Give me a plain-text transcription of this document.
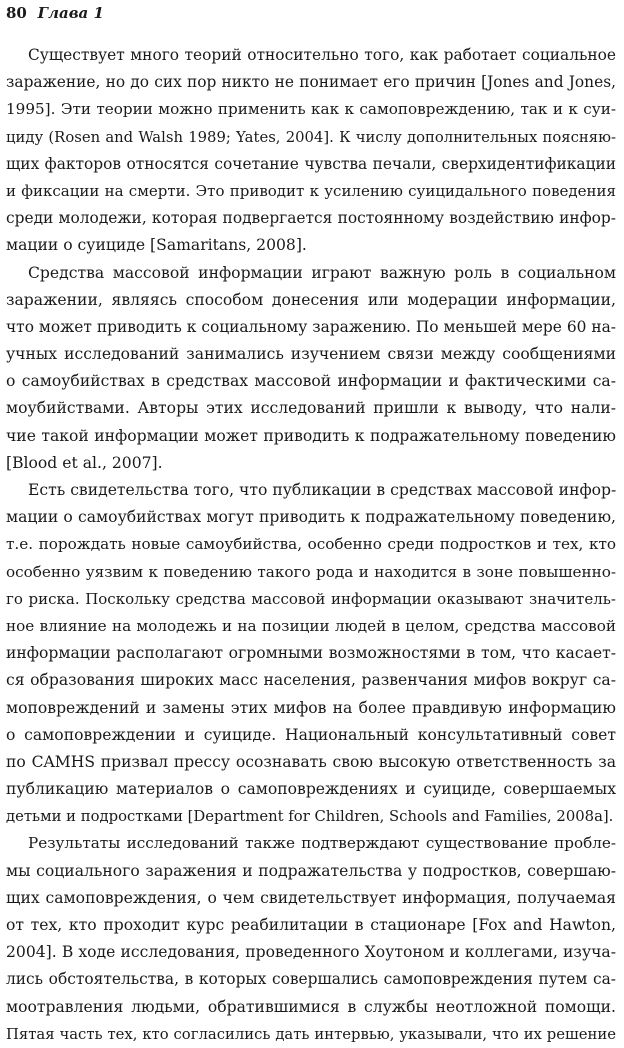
80 Глава 1
Существует много теорий относительно того, как работает социальное
заражение, но до сих пор никто не понимает его причин [Jones and Jones,
1995]. Эти теории можно применить как к самоповреждению, так и к суи-
циду (Rosen and Walsh 1989; Yates, 2004]. К числу дополнительных поясняю-
щих факторов относятся сочетание чувства печали, сверхидентификации
и фиксации на смерти. Это приводит к усилению суицидального поведения
среди молодежи, которая подвергается постоянному воздействию инфор-
мации о суициде [Samaritans, 2008].
Средства массовой информации играют важную роль в социальном
заражении, являясь способом донесения или модерации информации,
что может приводить к социальному заражению. По меньшей мере 60 на-
учных исследований занимались изучением связи между сообщениями
о самоубийствах в средствах массовой информации и фактическими са-
моубийствами. Авторы этих исследований пришли к выводу, что нали-
чие такой информации может приводить к подражательному поведению
[Blood et al., 2007].
Есть свидетельства того, что публикации в средствах массовой инфор-
мации о самоубийствах могут приводить к подражательному поведению,
т.е. порождать новые самоубийства, особенно среди подростков и тех, кто
особенно уязвим к поведению такого рода и находится в зоне повышенно-
го риска. Поскольку средства массовой информации оказывают значитель-
ное влияние на молодежь и на позиции людей в целом, средства массовой
информации располагают огромными возможностями в том, что касает-
ся образования широких масс населения, развенчания мифов вокруг са-
моповреждений и замены этих мифов на более правдивую информацию
о самоповреждении и суициде. Национальный консультативный совет
по CAMHS призвал прессу осознавать свою высокую ответственность за
публикацию материалов о самоповреждениях и суициде, совершаемых
детьми и подростками [Department for Children, Schools and Families, 2008a].
Результаты исследований также подтверждают существование пробле-
мы социального заражения и подражательства у подростков, совершаю-
щих самоповреждения, о чем свидетельствует информация, получаемая
от тех, кто проходит курс реабилитации в стационаре [Fox and Hawton,
2004]. В ходе исследования, проведенного Хоутоном и коллегами, изуча-
лись обстоятельства, в которых совершались самоповреждения путем са-
моотравления людьми, обратившимися в службы неотложной помощи.
Пятая часть тех, кто согласились дать интервью, указывали, что их решение
